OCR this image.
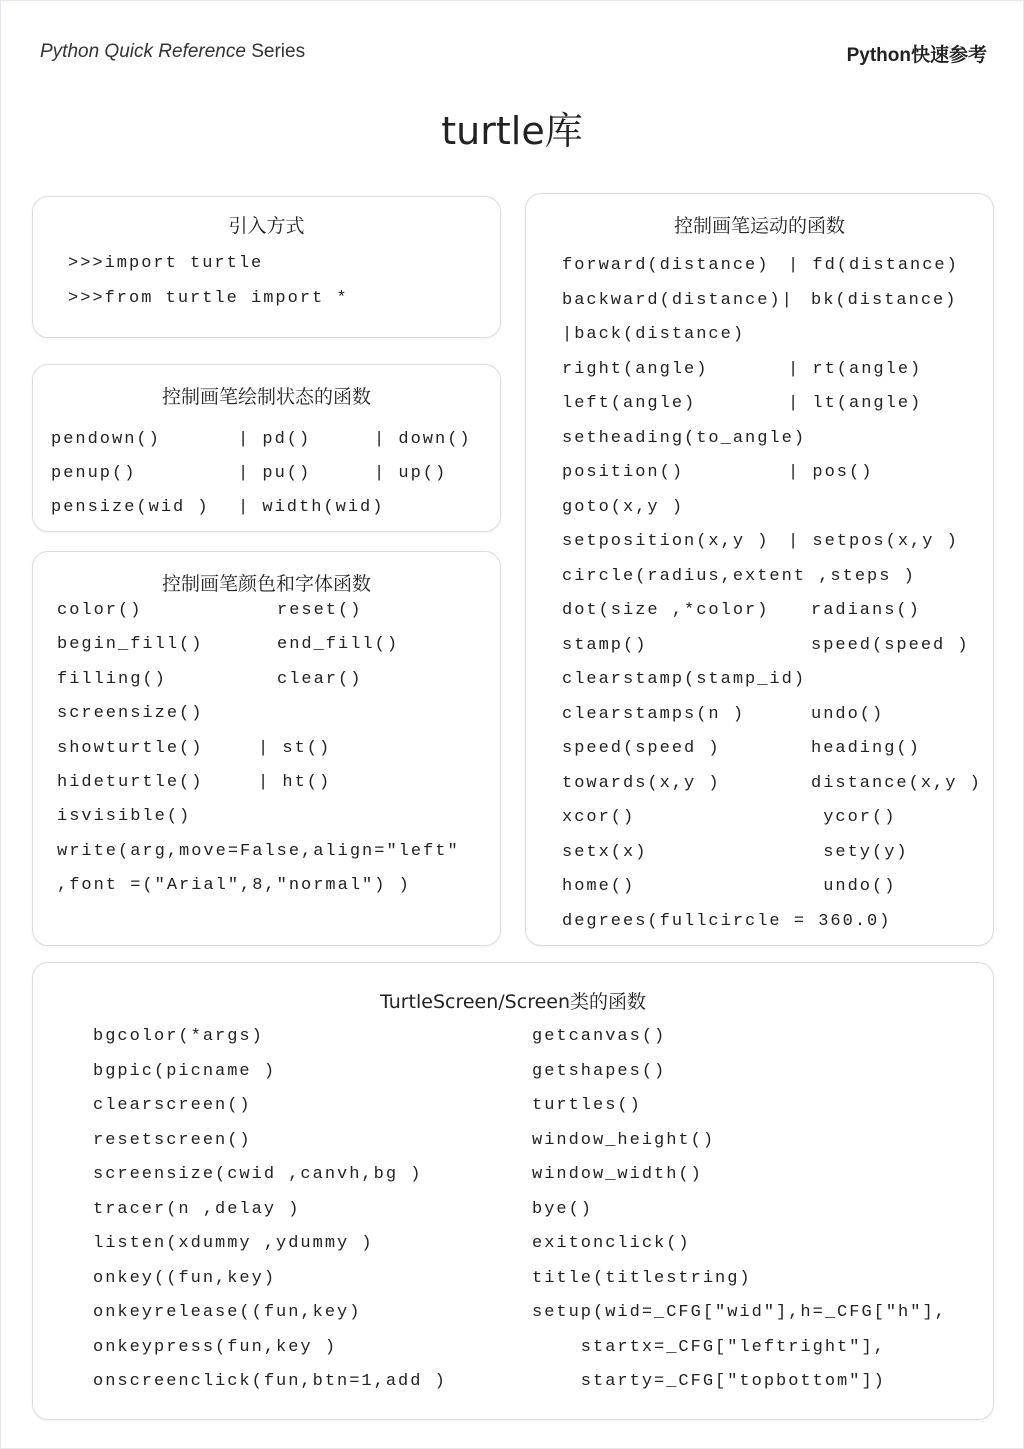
Python Quick Reference Series	Python快速参考
turtle库
引入方式
>>>import turtle
>>>from turtle import *
控制画笔绘制状态的函数
pendown()	| pd()	| down()
penup()	| pu()	| up()
pensize(wid ) | width(wid)
控制画笔颜色和字体函数
color()	reset()
begin_fill()	end_fill()
filling()	clear()
screensize()
showturtle()	| st()
hideturtle()	| ht()
isvisible()
write(arg,move=False,align="left"
,font =("Arial",8,"normal") )
控制画笔运动的函数
forward(distance) | fd(distance)
backward(distance)| bk(distance)
|back(distance)
right(angle)	| rt(angle)
left(angle)	| lt(angle)
setheading(to_angle)
position()	| pos()
goto(x,y )
setposition(x,y ) | setpos(x,y )
circle(radius,extent ,steps )
dot(size ,*color) radians()
stamp()	speed(speed )
clearstamp(stamp_id)
clearstamps(n )	undo()
speed(speed )	heading()
towards(x,y )	distance(x,y )
xcor()	ycor()
setx(x)	sety(y)
home()	undo()
degrees(fullcircle = 360.0)
TurtleScreen/Screen类的函数
bgcolor(*args)	getcanvas()
bgpic(picname )	getshapes()
clearscreen()	turtles()
resetscreen()	window_height()
screensize(cwid ,canvh,bg )	window_width()
tracer(n ,delay )	bye()
listen(xdummy ,ydummy )	exitonclick()
onkey((fun,key)	title(titlestring)
onkeyrelease((fun,key)	setup(wid=_CFG["wid"],h=_CFG["h"],
onkeypress(fun,key )	startx=_CFG["leftright"],
onscreenclick(fun,btn=1,add )	starty=_CFG["topbottom"])
